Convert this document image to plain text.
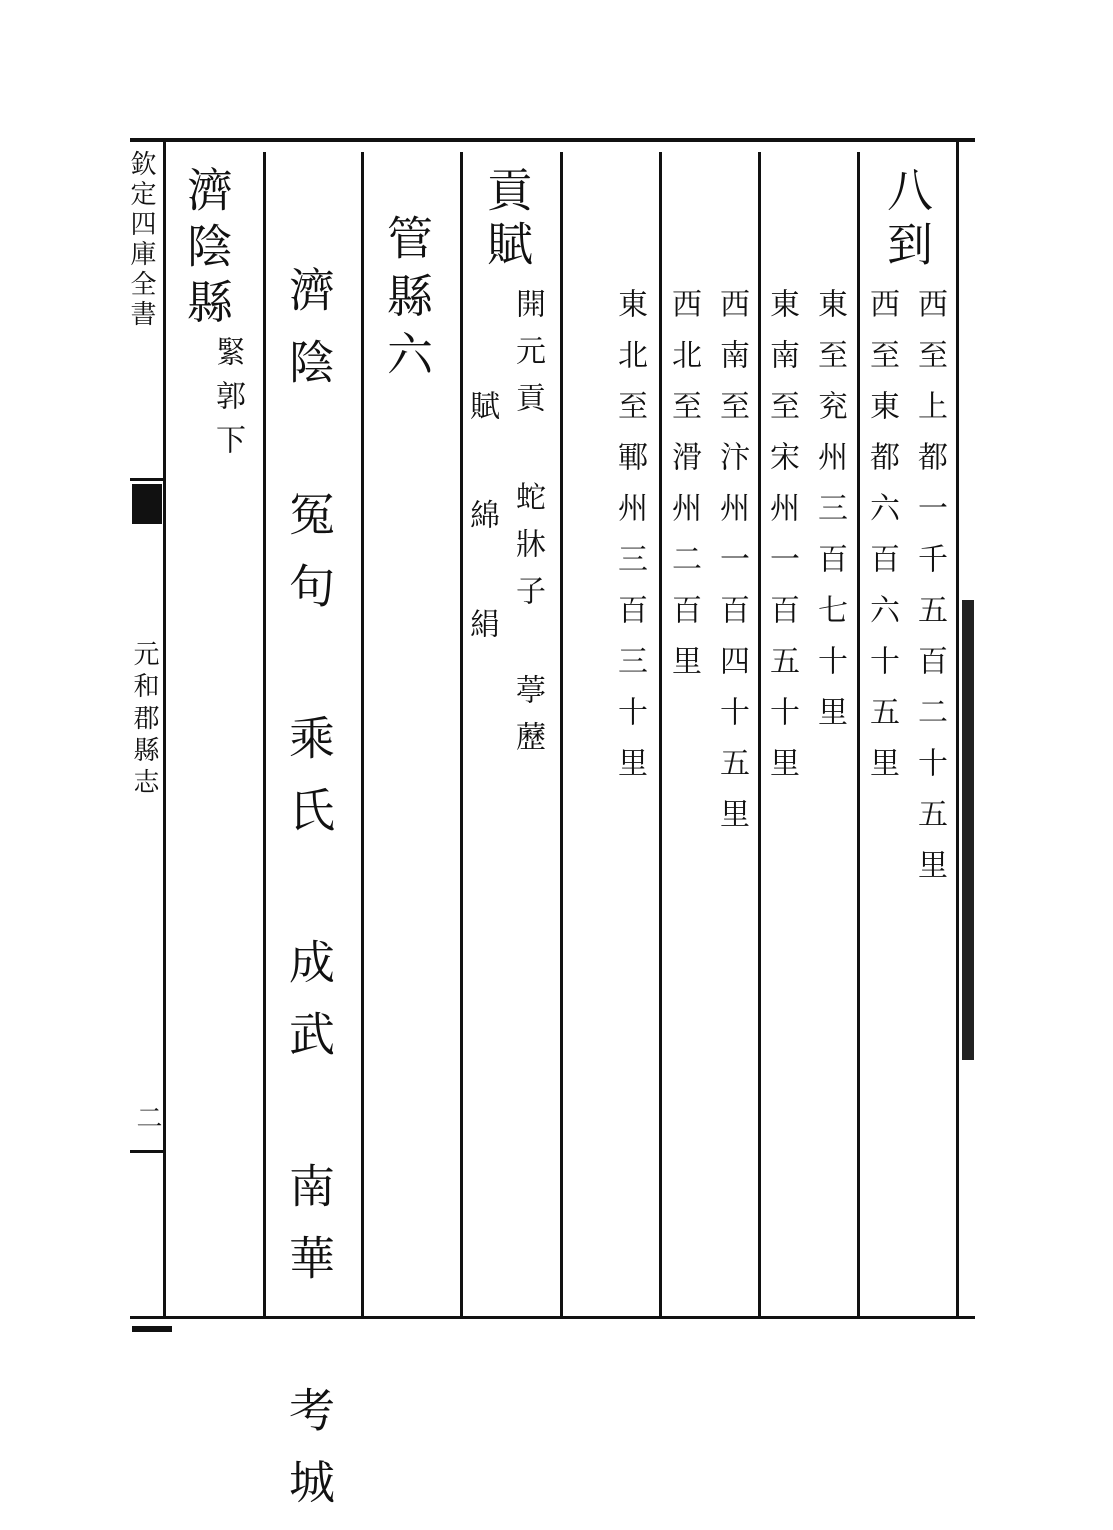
欽定四庫全書
元和郡縣志
二
八到
西至上都一千五百二十五里
西至東都六百六十五里
東至兖州三百七十里
東南至宋州一百五十里
西南至汴州一百四十五里
西北至滑州二百里
東北至鄆州三百三十里
貢賦
開元貢 蛇牀子 葶藶
賦 綿 絹
管縣六
濟陰 冤句 乘氏 成武 南華 考城
濟陰縣
緊郭下
